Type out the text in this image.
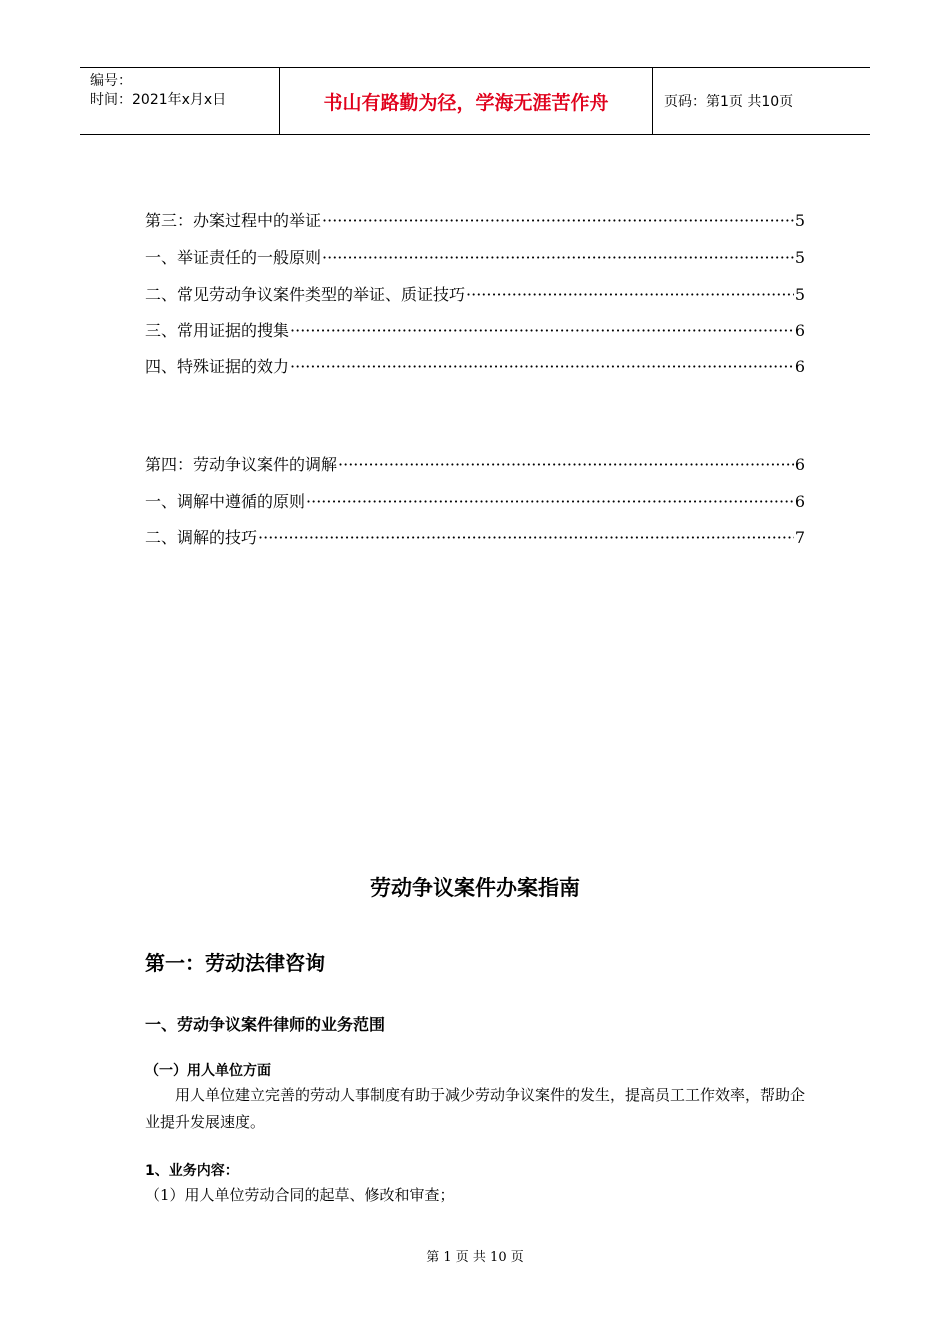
编号：
时间：2021年x月x日	书山有路勤为径，学海无涯苦作舟	页码：第1页 共10页
第三：办案过程中的举证 ·····	5
一、举证责任的一般原则 ·····	5
二、常见劳动争议案件类型的举证、质证技巧 ·····	5
三、常用证据的搜集 ·····	6
四、特殊证据的效力 ·····	6
第四：劳动争议案件的调解 ·····	6
一、调解中遵循的原则 ·····	6
二、调解的技巧 ·····	7
劳动争议案件办案指南
第一：劳动法律咨询
一、劳动争议案件律师的业务范围
（一）用人单位方面
用人单位建立完善的劳动人事制度有助于减少劳动争议案件的发生，提高员工工作效率，帮助企业提升发展速度。
1、业务内容：
（1）用人单位劳动合同的起草、修改和审查；
第 1 页 共 10 页
